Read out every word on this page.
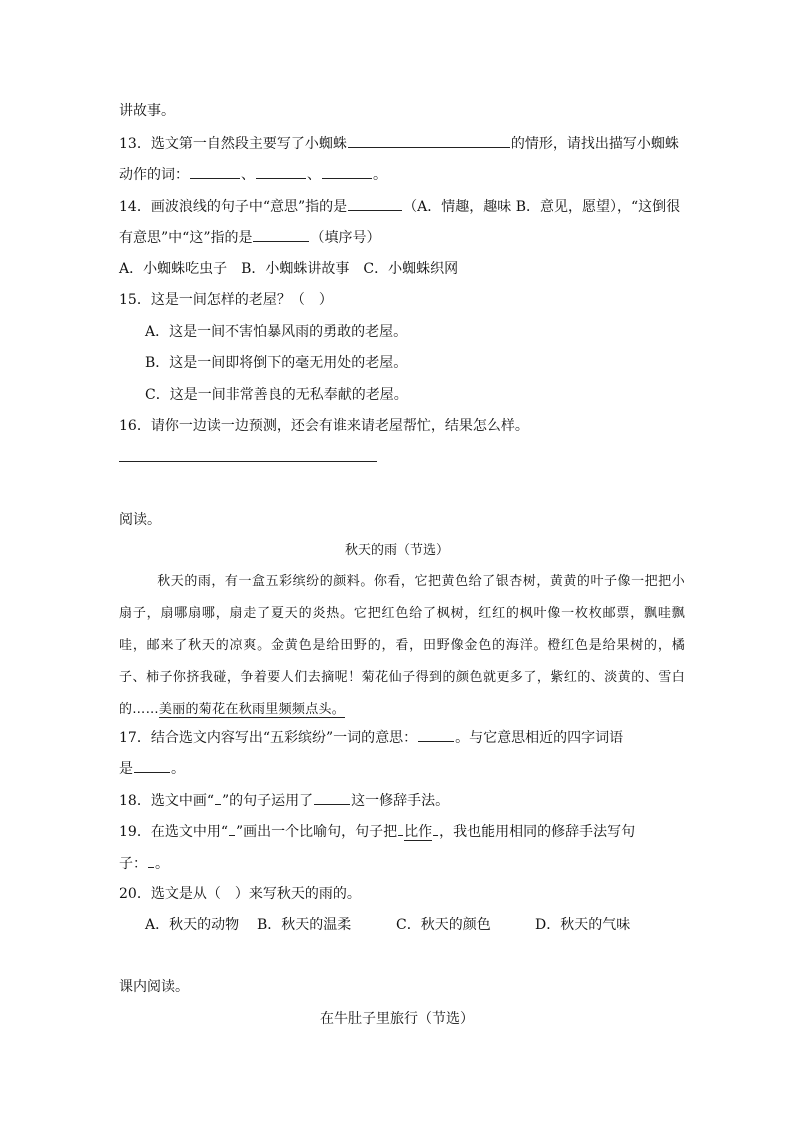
讲故事。
13．选文第一自然段主要写了小蜘蛛	的情形，请找出描写小蜘蛛
动作的词：	、	、	。
14．画波浪线的句子中“意思”指的是	（A．情趣，趣味 B．意见，愿望），“这倒很
有意思”中“这”指的是	（填序号）
A．小蜘蛛吃虫子　B．小蜘蛛讲故事　C．小蜘蛛织网
15．这是一间怎样的老屋？（　）
A．这是一间不害怕暴风雨的勇敢的老屋。
B．这是一间即将倒下的毫无用处的老屋。
C．这是一间非常善良的无私奉献的老屋。
16．请你一边读一边预测，还会有谁来请老屋帮忙，结果怎么样。
阅读。
秋天的雨（节选）
秋天的雨，有一盒五彩缤纷的颜料。你看，它把黄色给了银杏树，黄黄的叶子像一把把小扇子，扇哪扇哪，扇走了夏天的炎热。它把红色给了枫树，红红的枫叶像一枚枚邮票，飘哇飘哇，邮来了秋天的凉爽。金黄色是给田野的，看，田野像金色的海洋。橙红色是给果树的，橘子、柿子你挤我碰，争着要人们去摘呢！菊花仙子得到的颜色就更多了，紫红的、淡黄的、雪白的……美丽的菊花在秋雨里频频点头。
17．结合选文内容写出“五彩缤纷”一词的意思：	。与它意思相近的四字词语
是	。
18．选文中画“ ”的句子运用了	这一修辞手法。
19．在选文中用“ ”画出一个比喻句，句子把 比作 ，我也能用相同的修辞手法写句
子： 。
20．选文是从（　）来写秋天的雨的。
A．秋天的动物 B．秋天的温柔	C．秋天的颜色	D．秋天的气味
课内阅读。
在牛肚子里旅行（节选）
